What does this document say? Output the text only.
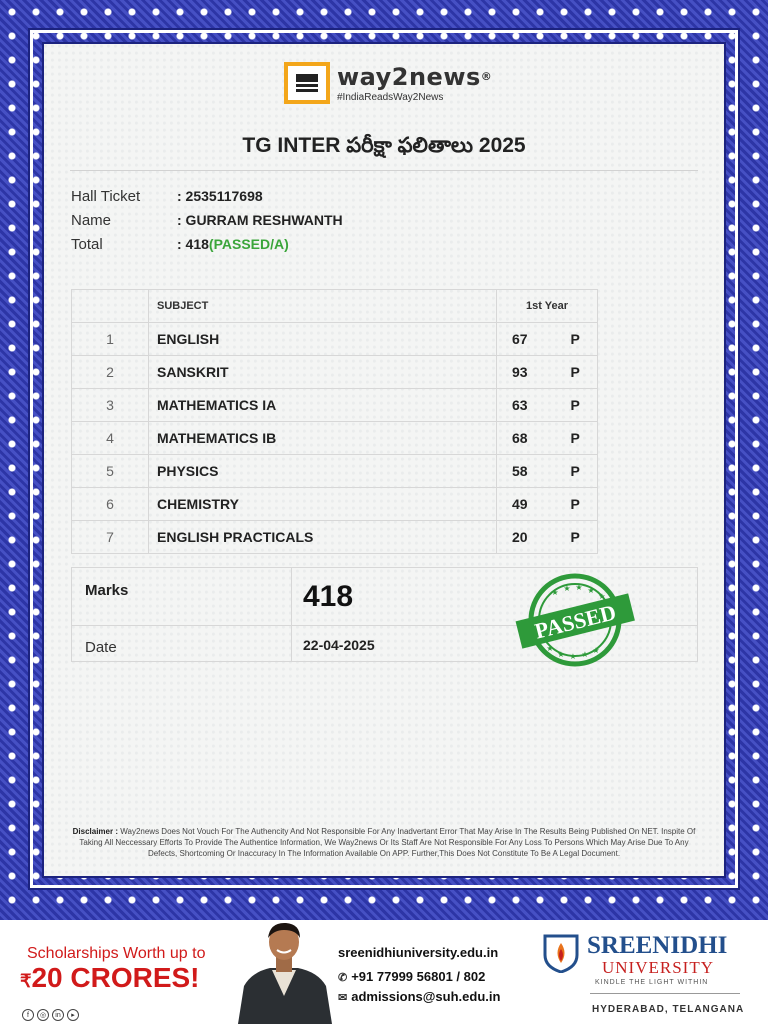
way2news®
#IndiaReadsWay2News
TG INTER పరీక్షా ఫలితాలు 2025
Hall Ticket	: 2535117698
Name	: GURRAM RESHWANTH
Total	: 418(PASSED/A)
	SUBJECT	1st Year	
1	ENGLISH	67	P
2	SANSKRIT	93	P
3	MATHEMATICS IA	63	P
4	MATHEMATICS IB	68	P
5	PHYSICS	58	P
6	CHEMISTRY	49	P
7	ENGLISH PRACTICALS	20	P
Marks	418
Date	22-04-2025
★ ★ ★ ★
★
★
★ ★ ★ ★
PASSED
Disclaimer : Way2news Does Not Vouch For The Authencity And Not Responsible For Any Inadvertant Error That May Arise In The Results Being Published On NET. Inspite Of Taking All Neccessary Efforts To Provide The Authentice Information, We Way2news Or Its Staff Are Not Responsible For Any Loss To Persons Which May Arise Due To Any Defects, Shortcoming Or Inaccuracy In The Information Available On APP. Further,This Does Not Constitute To Be A Legal Document.
Scholarships Worth up to
₹20 CRORES!
f	◎	in	▸
sreenidhiuniversity.edu.in
✆ +91 77999 56801 / 802
✉ admissions@suh.edu.in
SREENIDHI
UNIVERSITY
KINDLE THE LIGHT WITHIN
HYDERABAD, TELANGANA
